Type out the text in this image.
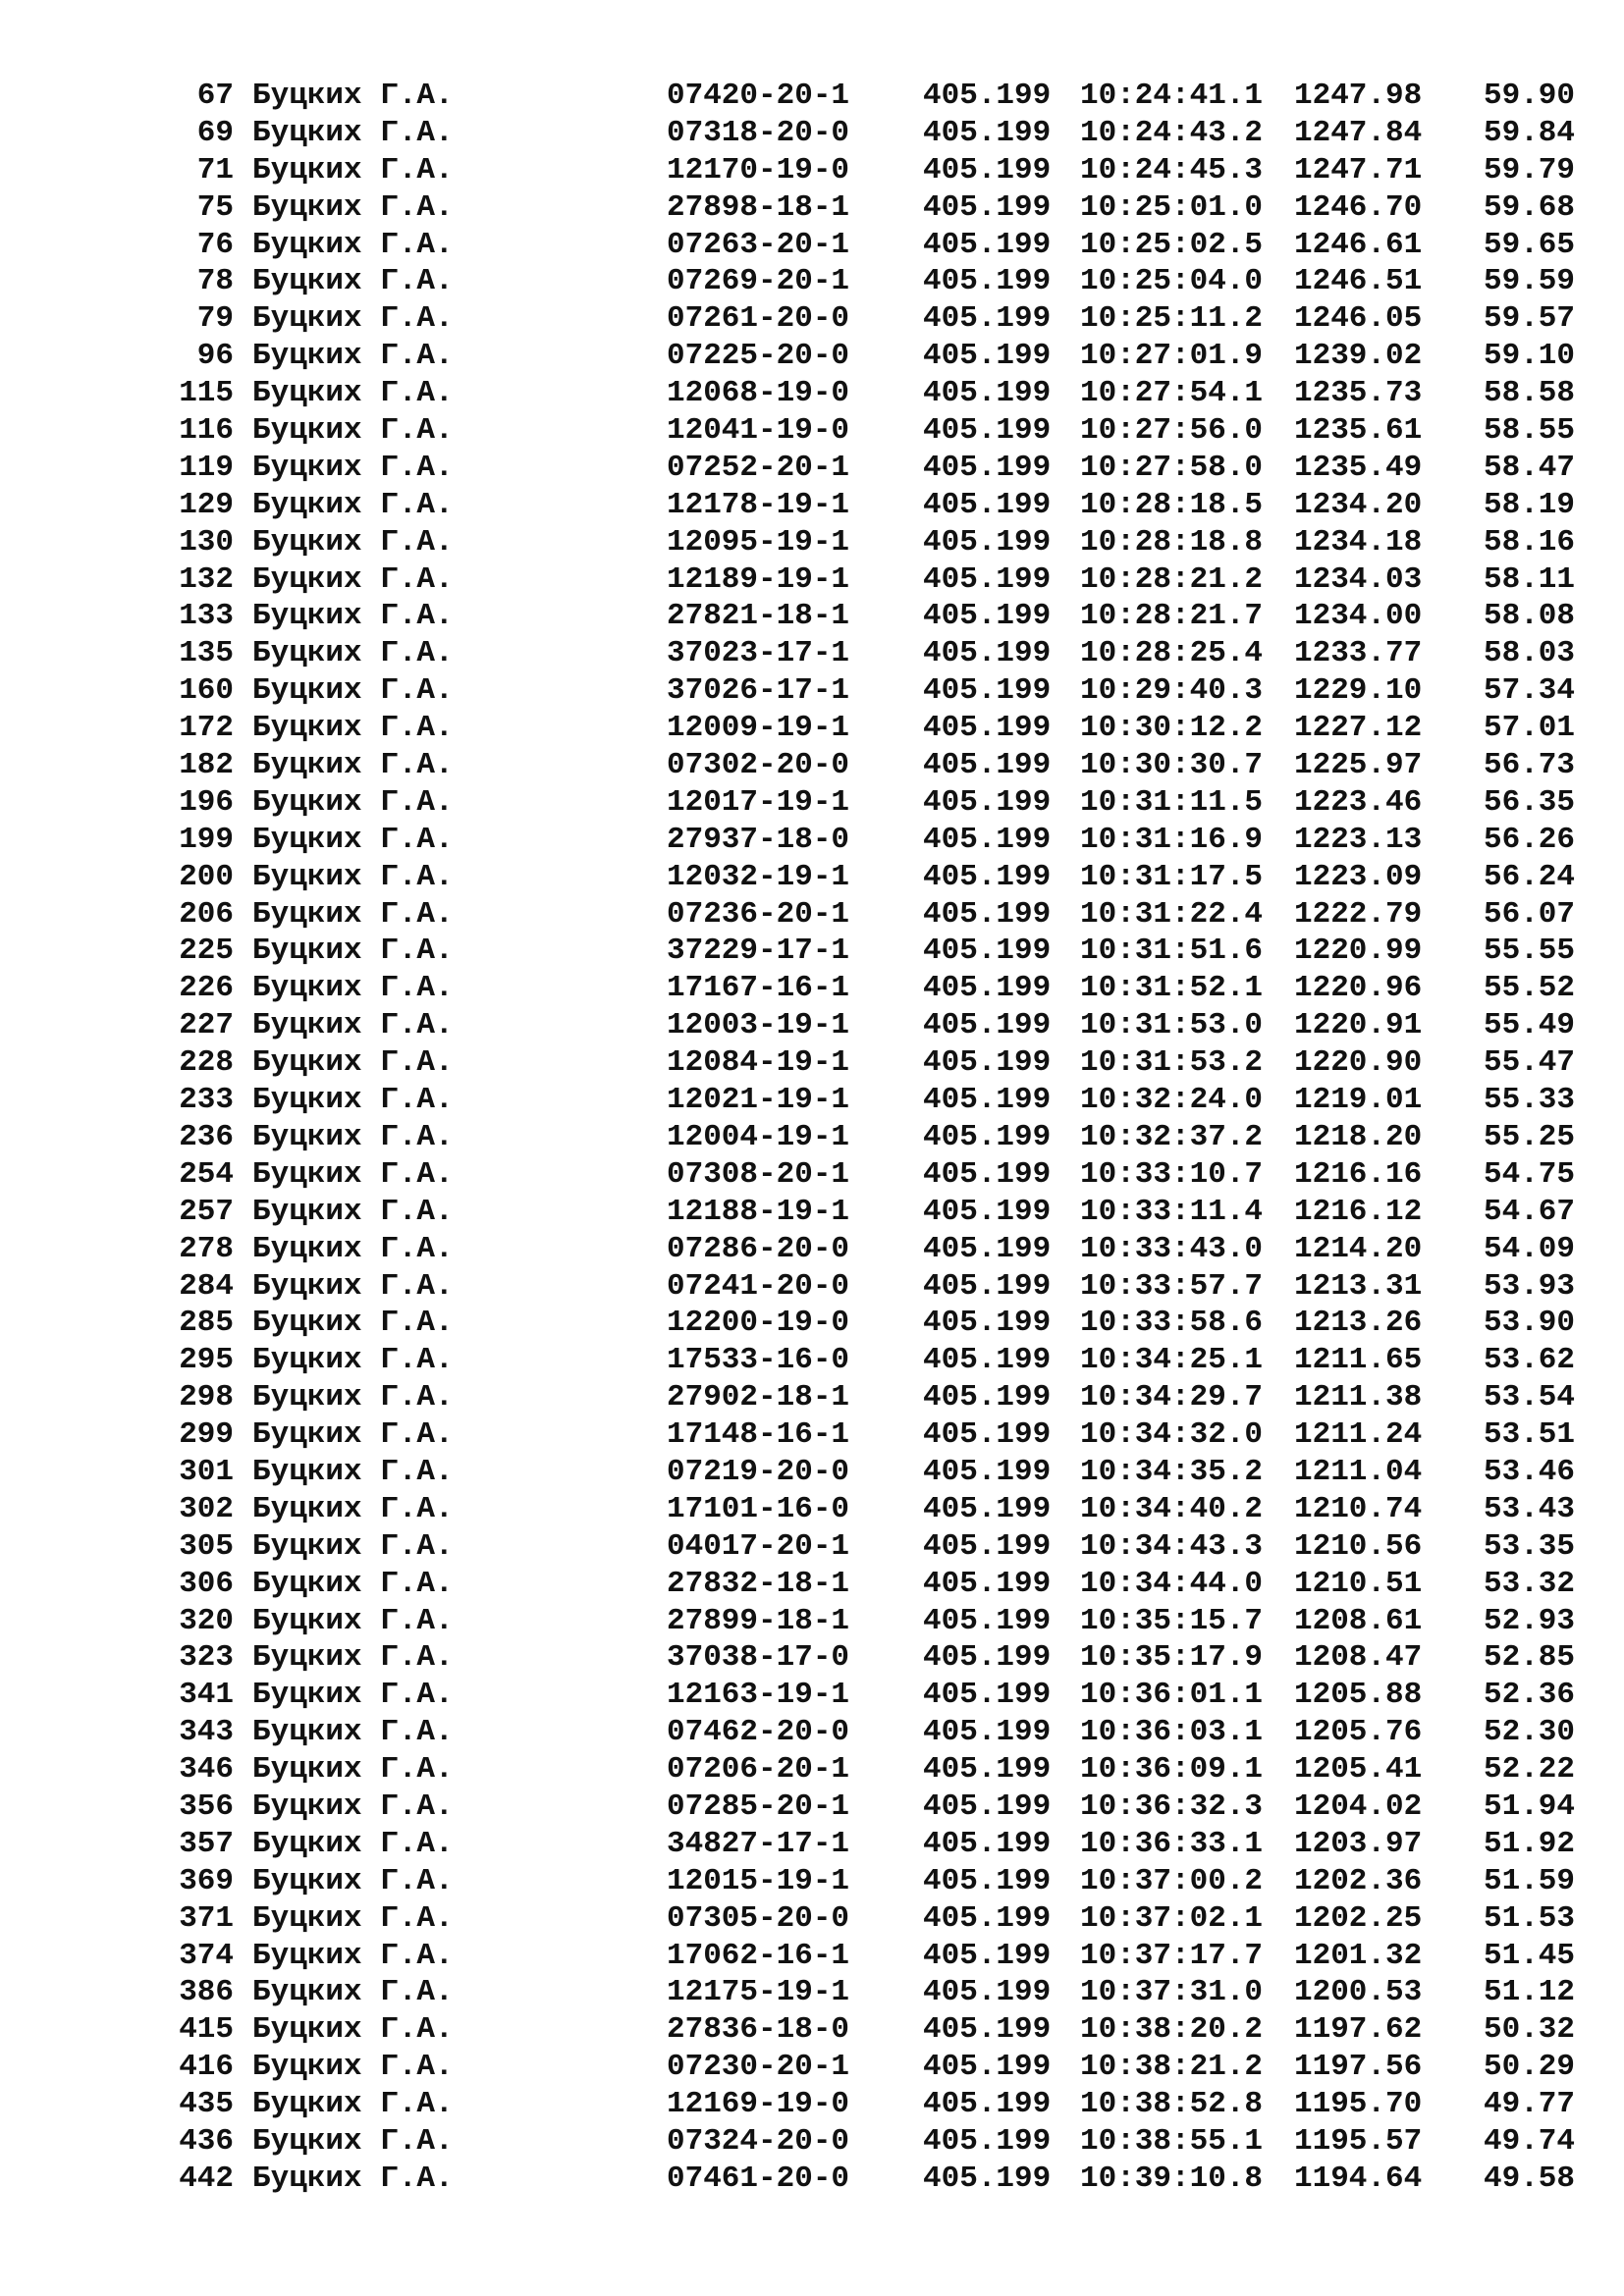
67 Буцких Г.А.	07420-20-1 405.199 10:24:41.1 1247.98	59.90
69 Буцких Г.А.	07318-20-0 405.199 10:24:43.2 1247.84	59.84
71 Буцких Г.А.	12170-19-0 405.199 10:24:45.3 1247.71	59.79
75 Буцких Г.А.	27898-18-1 405.199 10:25:01.0 1246.70	59.68
76 Буцких Г.А.	07263-20-1 405.199 10:25:02.5 1246.61	59.65
78 Буцких Г.А.	07269-20-1 405.199 10:25:04.0 1246.51	59.59
79 Буцких Г.А.	07261-20-0 405.199 10:25:11.2 1246.05	59.57
96 Буцких Г.А.	07225-20-0 405.199 10:27:01.9 1239.02	59.10
115 Буцких Г.А.	12068-19-0 405.199 10:27:54.1 1235.73	58.58
116 Буцких Г.А.	12041-19-0 405.199 10:27:56.0 1235.61	58.55
119 Буцких Г.А.	07252-20-1 405.199 10:27:58.0 1235.49	58.47
129 Буцких Г.А.	12178-19-1 405.199 10:28:18.5 1234.20	58.19
130 Буцких Г.А.	12095-19-1 405.199 10:28:18.8 1234.18	58.16
132 Буцких Г.А.	12189-19-1 405.199 10:28:21.2 1234.03	58.11
133 Буцких Г.А.	27821-18-1 405.199 10:28:21.7 1234.00	58.08
135 Буцких Г.А.	37023-17-1 405.199 10:28:25.4 1233.77	58.03
160 Буцких Г.А.	37026-17-1 405.199 10:29:40.3 1229.10	57.34
172 Буцких Г.А.	12009-19-1 405.199 10:30:12.2 1227.12	57.01
182 Буцких Г.А.	07302-20-0 405.199 10:30:30.7 1225.97	56.73
196 Буцких Г.А.	12017-19-1 405.199 10:31:11.5 1223.46	56.35
199 Буцких Г.А.	27937-18-0 405.199 10:31:16.9 1223.13	56.26
200 Буцких Г.А.	12032-19-1 405.199 10:31:17.5 1223.09	56.24
206 Буцких Г.А.	07236-20-1 405.199 10:31:22.4 1222.79	56.07
225 Буцких Г.А.	37229-17-1 405.199 10:31:51.6 1220.99	55.55
226 Буцких Г.А.	17167-16-1 405.199 10:31:52.1 1220.96	55.52
227 Буцких Г.А.	12003-19-1 405.199 10:31:53.0 1220.91	55.49
228 Буцких Г.А.	12084-19-1 405.199 10:31:53.2 1220.90	55.47
233 Буцких Г.А.	12021-19-1 405.199 10:32:24.0 1219.01	55.33
236 Буцких Г.А.	12004-19-1 405.199 10:32:37.2 1218.20	55.25
254 Буцких Г.А.	07308-20-1 405.199 10:33:10.7 1216.16	54.75
257 Буцких Г.А.	12188-19-1 405.199 10:33:11.4 1216.12	54.67
278 Буцких Г.А.	07286-20-0 405.199 10:33:43.0 1214.20	54.09
284 Буцких Г.А.	07241-20-0 405.199 10:33:57.7 1213.31	53.93
285 Буцких Г.А.	12200-19-0 405.199 10:33:58.6 1213.26	53.90
295 Буцких Г.А.	17533-16-0 405.199 10:34:25.1 1211.65	53.62
298 Буцких Г.А.	27902-18-1 405.199 10:34:29.7 1211.38	53.54
299 Буцких Г.А.	17148-16-1 405.199 10:34:32.0 1211.24	53.51
301 Буцких Г.А.	07219-20-0 405.199 10:34:35.2 1211.04	53.46
302 Буцких Г.А.	17101-16-0 405.199 10:34:40.2 1210.74	53.43
305 Буцких Г.А.	04017-20-1 405.199 10:34:43.3 1210.56	53.35
306 Буцких Г.А.	27832-18-1 405.199 10:34:44.0 1210.51	53.32
320 Буцких Г.А.	27899-18-1 405.199 10:35:15.7 1208.61	52.93
323 Буцких Г.А.	37038-17-0 405.199 10:35:17.9 1208.47	52.85
341 Буцких Г.А.	12163-19-1 405.199 10:36:01.1 1205.88	52.36
343 Буцких Г.А.	07462-20-0 405.199 10:36:03.1 1205.76	52.30
346 Буцких Г.А.	07206-20-1 405.199 10:36:09.1 1205.41	52.22
356 Буцких Г.А.	07285-20-1 405.199 10:36:32.3 1204.02	51.94
357 Буцких Г.А.	34827-17-1 405.199 10:36:33.1 1203.97	51.92
369 Буцких Г.А.	12015-19-1 405.199 10:37:00.2 1202.36	51.59
371 Буцких Г.А.	07305-20-0 405.199 10:37:02.1 1202.25	51.53
374 Буцких Г.А.	17062-16-1 405.199 10:37:17.7 1201.32	51.45
386 Буцких Г.А.	12175-19-1 405.199 10:37:31.0 1200.53	51.12
415 Буцких Г.А.	27836-18-0 405.199 10:38:20.2 1197.62	50.32
416 Буцких Г.А.	07230-20-1 405.199 10:38:21.2 1197.56	50.29
435 Буцких Г.А.	12169-19-0 405.199 10:38:52.8 1195.70	49.77
436 Буцких Г.А.	07324-20-0 405.199 10:38:55.1 1195.57	49.74
442 Буцких Г.А.	07461-20-0 405.199 10:39:10.8 1194.64	49.58
